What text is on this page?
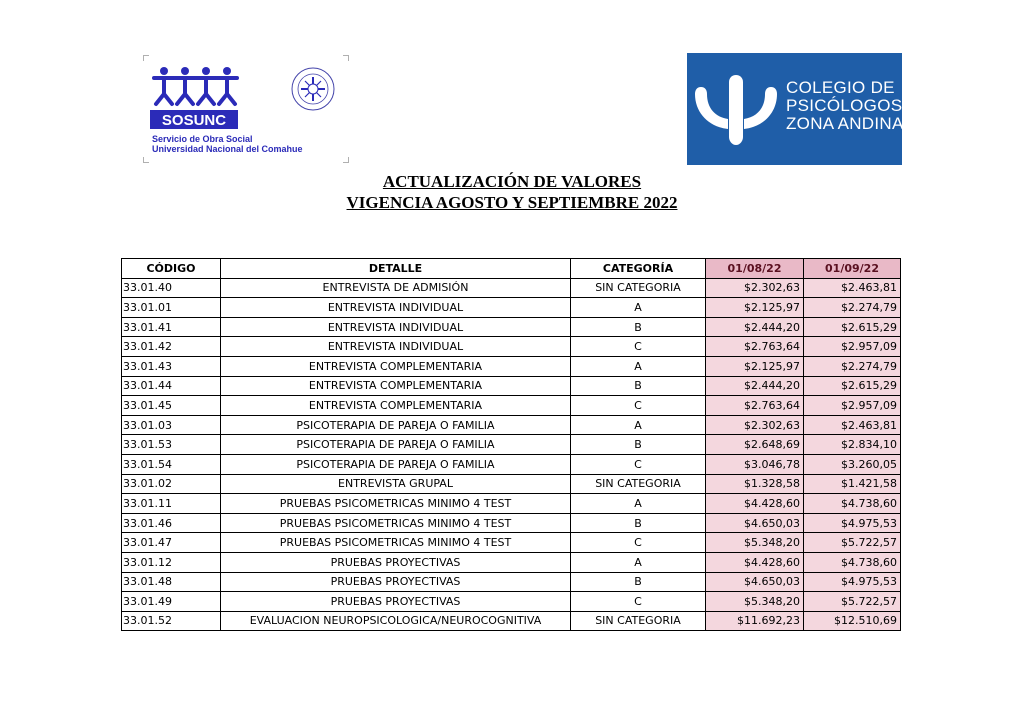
SOSUNC
Servicio de Obra Social
Universidad Nacional del Comahue
COLEGIO DE
PSICÓLOGOS
ZONA ANDINA
ACTUALIZACIÓN DE VALORES
VIGENCIA AGOSTO Y SEPTIEMBRE 2022
CÓDIGO	DETALLE	CATEGORÍA	01/08/22	01/09/22
33.01.40	ENTREVISTA DE ADMISIÓN	SIN CATEGORIA	$2.302,63	$2.463,81
33.01.01	ENTREVISTA INDIVIDUAL	A	$2.125,97	$2.274,79
33.01.41	ENTREVISTA INDIVIDUAL	B	$2.444,20	$2.615,29
33.01.42	ENTREVISTA INDIVIDUAL	C	$2.763,64	$2.957,09
33.01.43	ENTREVISTA COMPLEMENTARIA	A	$2.125,97	$2.274,79
33.01.44	ENTREVISTA COMPLEMENTARIA	B	$2.444,20	$2.615,29
33.01.45	ENTREVISTA COMPLEMENTARIA	C	$2.763,64	$2.957,09
33.01.03	PSICOTERAPIA DE PAREJA O FAMILIA	A	$2.302,63	$2.463,81
33.01.53	PSICOTERAPIA DE PAREJA O FAMILIA	B	$2.648,69	$2.834,10
33.01.54	PSICOTERAPIA DE PAREJA O FAMILIA	C	$3.046,78	$3.260,05
33.01.02	ENTREVISTA GRUPAL	SIN CATEGORIA	$1.328,58	$1.421,58
33.01.11	PRUEBAS PSICOMETRICAS MINIMO 4 TEST	A	$4.428,60	$4.738,60
33.01.46	PRUEBAS PSICOMETRICAS MINIMO 4 TEST	B	$4.650,03	$4.975,53
33.01.47	PRUEBAS PSICOMETRICAS MINIMO 4 TEST	C	$5.348,20	$5.722,57
33.01.12	PRUEBAS PROYECTIVAS	A	$4.428,60	$4.738,60
33.01.48	PRUEBAS PROYECTIVAS	B	$4.650,03	$4.975,53
33.01.49	PRUEBAS PROYECTIVAS	C	$5.348,20	$5.722,57
33.01.52	EVALUACION NEUROPSICOLOGICA/NEUROCOGNITIVA	SIN CATEGORIA	$11.692,23	$12.510,69
